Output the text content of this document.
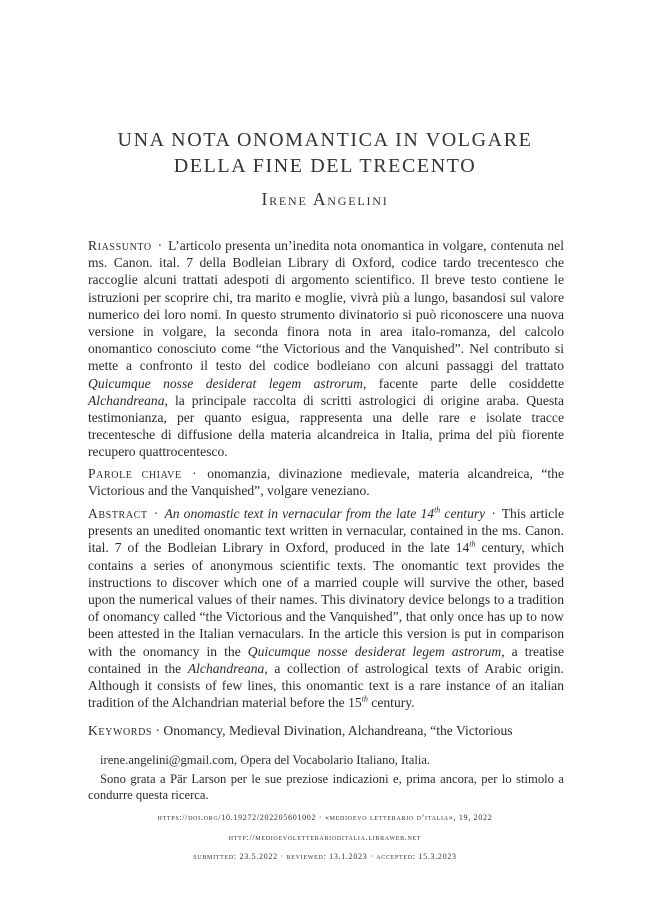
UNA NOTA ONOMANTICA IN VOLGARE
DELLA FINE DEL TRECENTO
Irene Angelini
Riassunto · L’articolo presenta un’inedita nota onomantica in volgare, contenuta nel ms. Canon. ital. 7 della Bodleian Library di Oxford, codice tardo trecentesco che raccoglie alcuni trattati adespoti di argomento scientifico. Il breve testo contiene le istruzioni per scoprire chi, tra marito e moglie, vivrà più a lungo, basandosi sul valore numerico dei loro nomi. In questo strumento divinatorio si può riconoscere una nuova versione in volgare, la seconda finora nota in area italo-romanza, del calcolo onomantico conosciuto come “the Victorious and the Vanquished”. Nel contributo si mette a confronto il testo del codice bodleiano con alcuni passaggi del trattato Quicumque nosse desiderat legem astrorum, facente parte delle cosiddette Alchandreana, la principale raccolta di scritti astrologici di origine araba. Questa testimonianza, per quanto esigua, rappresenta una delle rare e isolate tracce trecentesche di diffusione della materia alcandreica in Italia, prima del più fiorente recupero quattrocentesco.
Parole chiave · onomanzia, divinazione medievale, materia alcandreica, “the Victorious and the Vanquished”, volgare veneziano.
Abstract · An onomastic text in vernacular from the late 14th century · This article presents an unedited onomantic text written in vernacular, contained in the ms. Canon. ital. 7 of the Bodleian Library in Oxford, produced in the late 14th century, which contains a series of anonymous scientific texts. The onomantic text provides the instructions to discover which one of a married couple will survive the other, based upon the numerical values of their names. This divinatory device belongs to a tradition of onomancy called “the Victorious and the Vanquished”, that only once has up to now been attested in the Italian vernaculars. In the article this version is put in comparison with the onomancy in the Quicumque nosse desiderat legem astrorum, a treatise contained in the Alchandreana, a collection of astrological texts of Arabic origin. Although it consists of few lines, this onomantic text is a rare instance of an italian tradition of the Alchandrian material before the 15th century.
Keywords · Onomancy, Medieval Divination, Alchandreana, “the Victorious
irene.angelini@gmail.com, Opera del Vocabolario Italiano, Italia.
Sono grata a Pär Larson per le sue preziose indicazioni e, prima ancora, per lo stimolo a condurre questa ricerca.
https://doi.org/10.19272/202205601002 · «medioevo letterario d’italia», 19, 2022
http://medioevoletterarioditalia.libraweb.net
submitted: 23.5.2022 · reviewed: 13.1.2023 · accepted: 15.3.2023
